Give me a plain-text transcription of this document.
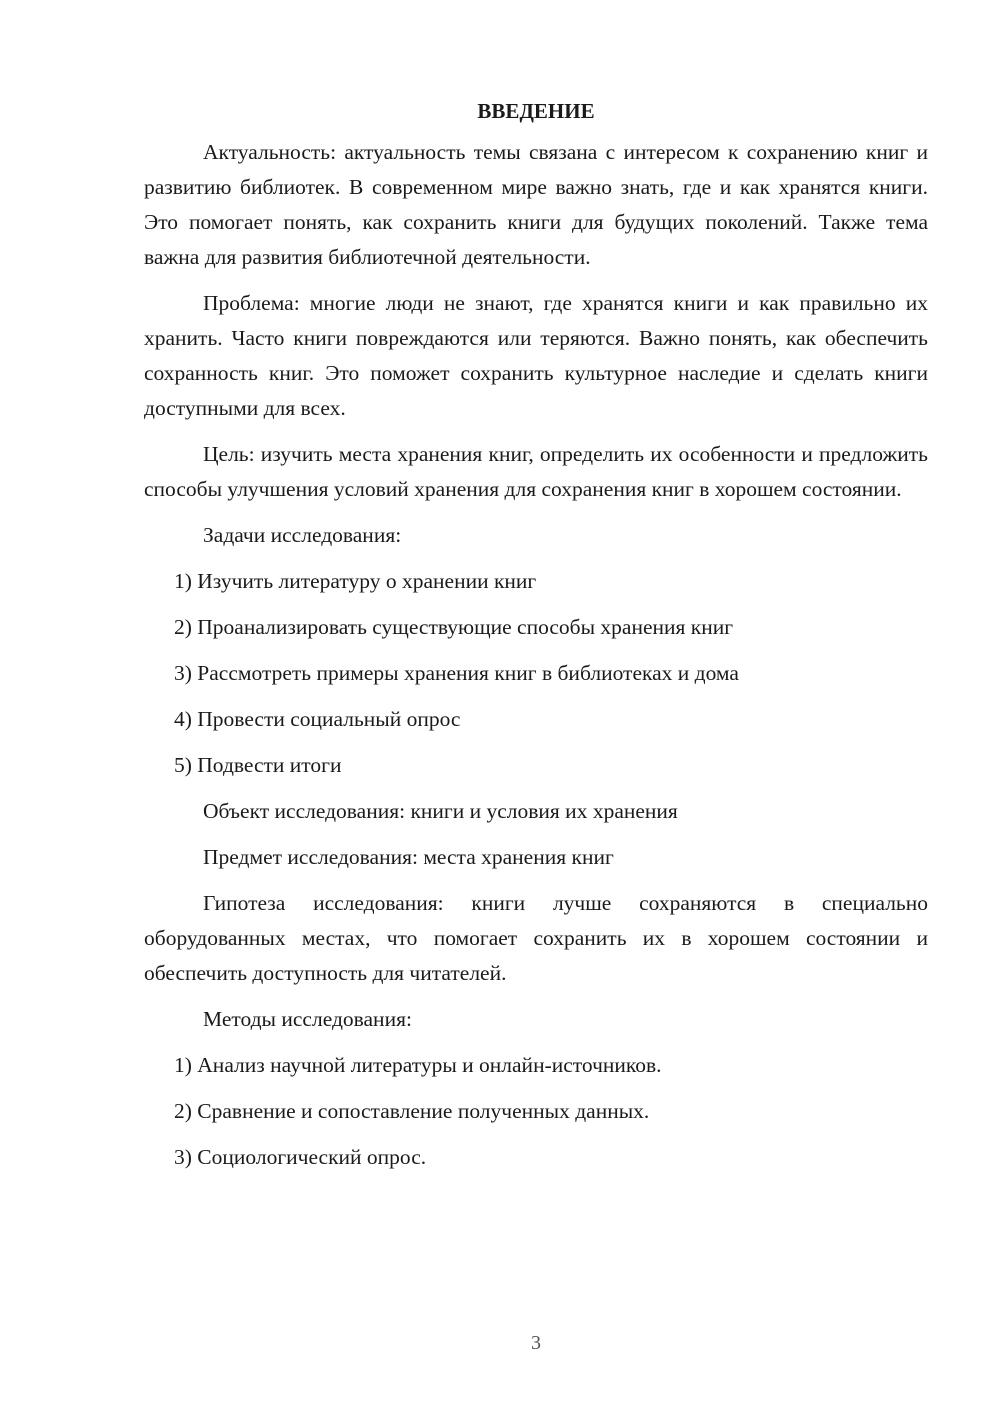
ВВЕДЕНИЕ

Актуальность: актуальность темы связана с интересом к сохранению книг и развитию библиотек. В современном мире важно знать, где и как хранятся книги. Это помогает понять, как сохранить книги для будущих поколений. Также тема важна для развития библиотечной деятельности.

Проблема: многие люди не знают, где хранятся книги и как правильно их хранить. Часто книги повреждаются или теряются. Важно понять, как обеспечить сохранность книг. Это поможет сохранить культурное наследие и сделать книги доступными для всех.

Цель: изучить места хранения книг, определить их особенности и предложить способы улучшения условий хранения для сохранения книг в хорошем состоянии.

Задачи исследования:

1) Изучить литературу о хранении книг

2) Проанализировать существующие способы хранения книг

3) Рассмотреть примеры хранения книг в библиотеках и дома

4) Провести социальный опрос

5) Подвести итоги

Объект исследования: книги и условия их хранения

Предмет исследования: места хранения книг

Гипотеза исследования: книги лучше сохраняются в специально оборудованных местах, что помогает сохранить их в хорошем состоянии и обеспечить доступность для читателей.

Методы исследования:

1) Анализ научной литературы и онлайн-источников.

2) Сравнение и сопоставление полученных данных.

3) Социологический опрос.

3
